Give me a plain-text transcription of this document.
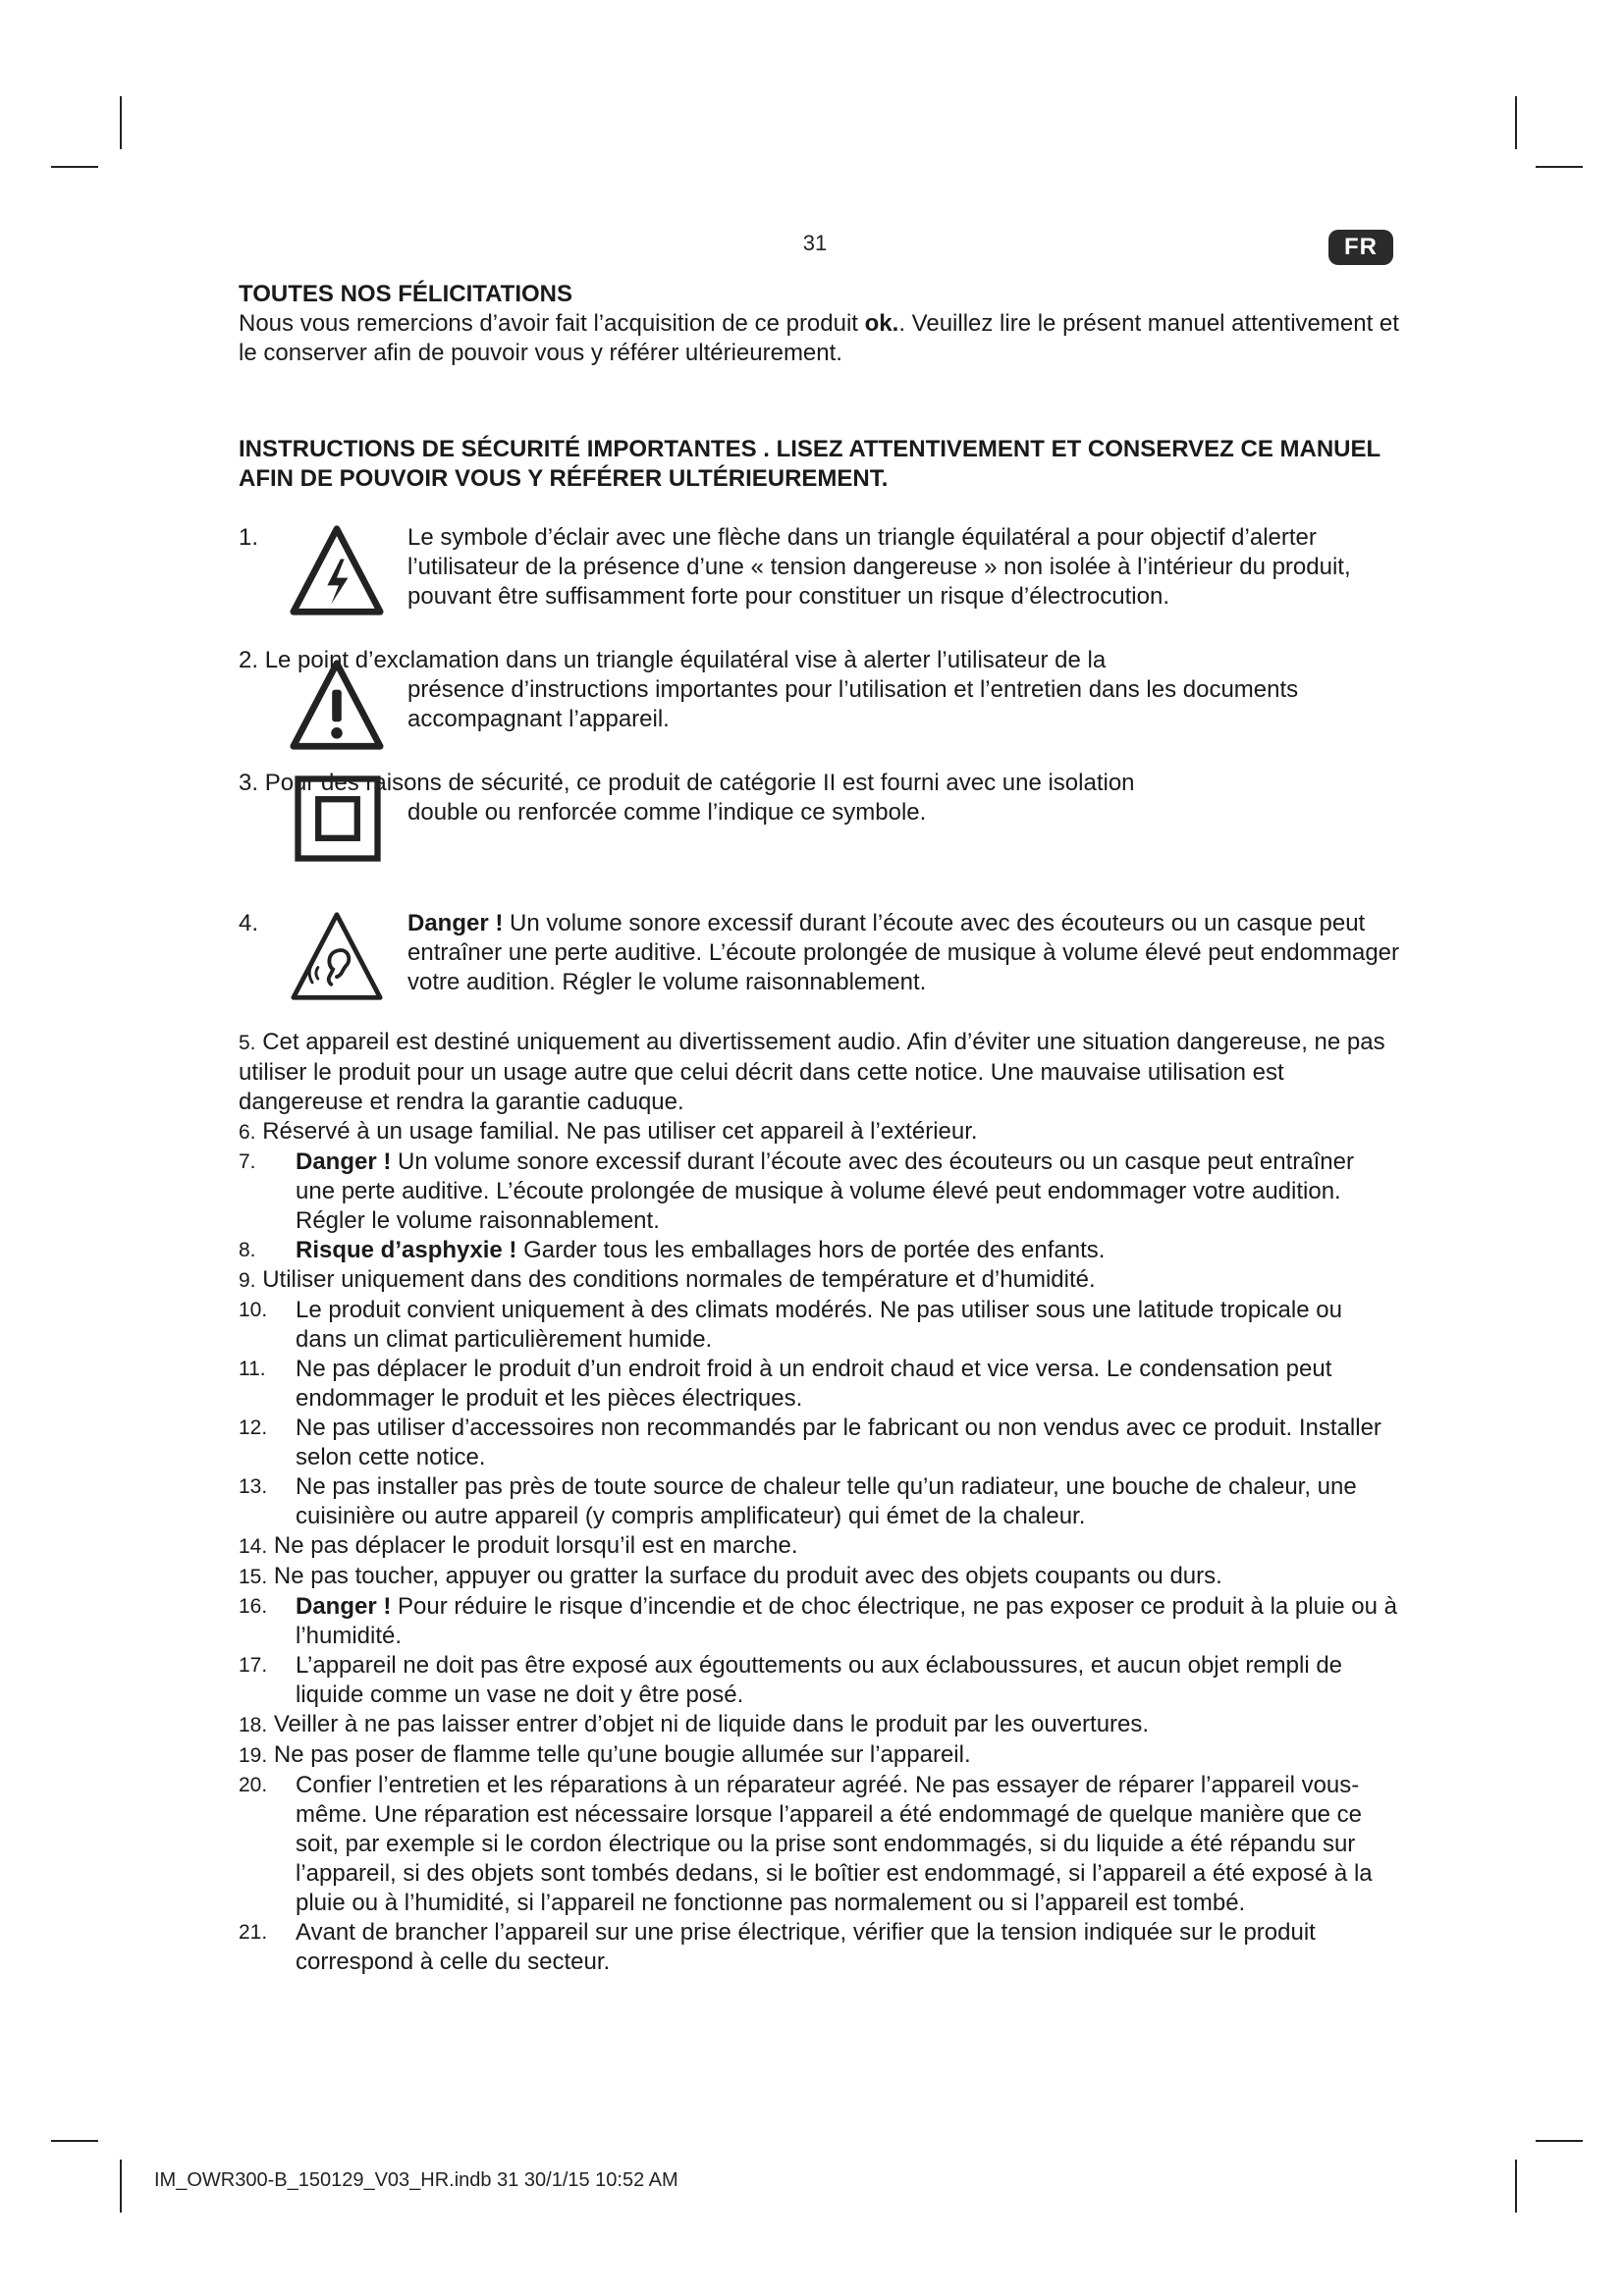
31	FR

TOUTES NOS FÉLICITATIONS

Nous vous remercions d’avoir fait l’acquisition de ce produit ok.. Veuillez lire le présent manuel attentivement et le conserver afin de pouvoir vous y référer ultérieurement.

INSTRUCTIONS DE SÉCURITÉ IMPORTANTES . LISEZ ATTENTIVEMENT ET CONSERVEZ CE MANUEL AFIN DE POUVOIR VOUS Y RÉFÉRER ULTÉRIEUREMENT.

1.	Le symbole d’éclair avec une flèche dans un triangle équilatéral a pour objectif d’alerter l’utilisateur de la présence d’une « tension dangereuse » non isolée à l’intérieur du produit, pouvant être suffisamment forte pour constituer un risque d’électrocution.
2. Le point d’exclamation dans un triangle équilatéral vise à alerter l’utilisateur de la
présence d’instructions importantes pour l’utilisation et l’entretien dans les documents accompagnant l’appareil.
3. Pour des raisons de sécurité, ce produit de catégorie II est fourni avec une isolation
double ou renforcée comme l’indique ce symbole.
4.	Danger ! Un volume sonore excessif durant l’écoute avec des écouteurs ou un casque peut entraîner une perte auditive. L’écoute prolongée de musique à volume élevé peut endommager votre audition. Régler le volume raisonnablement.
5. Cet appareil est destiné uniquement au divertissement audio. Afin d’éviter une situation dangereuse, ne pas utiliser le produit pour un usage autre que celui décrit dans cette notice. Une mauvaise utilisation est dangereuse et rendra la garantie caduque.
6. Réservé à un usage familial. Ne pas utiliser cet appareil à l’extérieur.
7. Danger ! Un volume sonore excessif durant l’écoute avec des écouteurs ou un casque peut entraîner une perte auditive. L’écoute prolongée de musique à volume élevé peut endommager votre audition. Régler le volume raisonnablement.
8. Risque d’asphyxie ! Garder tous les emballages hors de portée des enfants.
9. Utiliser uniquement dans des conditions normales de température et d’humidité.
10. Le produit convient uniquement à des climats modérés. Ne pas utiliser sous une latitude tropicale ou dans un climat particulièrement humide.
11. Ne pas déplacer le produit d’un endroit froid à un endroit chaud et vice versa. Le condensation peut endommager le produit et les pièces électriques.
12. Ne pas utiliser d’accessoires non recommandés par le fabricant ou non vendus avec ce produit. Installer selon cette notice.
13. Ne pas installer pas près de toute source de chaleur telle qu’un radiateur, une bouche de chaleur, une cuisinière ou autre appareil (y compris amplificateur) qui émet de la chaleur.
14. Ne pas déplacer le produit lorsqu’il est en marche.
15. Ne pas toucher, appuyer ou gratter la surface du produit avec des objets coupants ou durs.
16. Danger ! Pour réduire le risque d’incendie et de choc électrique, ne pas exposer ce produit à la pluie ou à l’humidité.
17. L’appareil ne doit pas être exposé aux égouttements ou aux éclaboussures, et aucun objet rempli de liquide comme un vase ne doit y être posé.
18. Veiller à ne pas laisser entrer d’objet ni de liquide dans le produit par les ouvertures.
19. Ne pas poser de flamme telle qu’une bougie allumée sur l’appareil.
20. Confier l’entretien et les réparations à un réparateur agréé. Ne pas essayer de réparer l’appareil vous-même. Une réparation est nécessaire lorsque l’appareil a été endommagé de quelque manière que ce soit, par exemple si le cordon électrique ou la prise sont endommagés, si du liquide a été répandu sur l’appareil, si des objets sont tombés dedans, si le boîtier est endommagé, si l’appareil a été exposé à la pluie ou à l’humidité, si l’appareil ne fonctionne pas normalement ou si l’appareil est tombé.
21. Avant de brancher l’appareil sur une prise électrique, vérifier que la tension indiquée sur le produit correspond à celle du secteur.
IM_OWR300-B_150129_V03_HR.indb 31 30/1/15 10:52 AM
